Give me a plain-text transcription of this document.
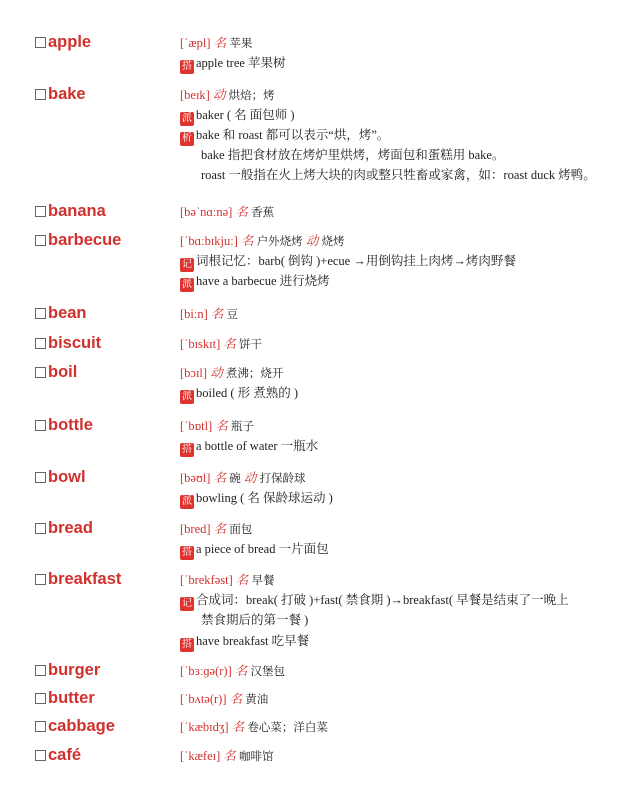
apple	[ˈæpl] 名 苹果
搭 apple tree 苹果树
bake	[beɪk] 动 烘焙；烤
派 baker ( 名 面包师 )
析 bake 和 roast 都可以表示“烘，烤”。
bake 指把食材放在烤炉里烘烤，烤面包和蛋糕用 bake。
roast 一般指在火上烤大块的肉或整只牲畜或家禽，如：roast duck 烤鸭。
banana	[bəˈnɑːnə] 名 香蕉
barbecue	[ˈbɑːbɪkjuː] 名 户外烧烤 动 烧烤
记 词根记忆：barb( 倒钩 )+ecue →用倒钩挂上肉烤→烤肉野餐
派 have a barbecue 进行烧烤
bean	[biːn] 名 豆
biscuit	[ˈbɪskɪt] 名 饼干
boil	[bɔɪl] 动 煮沸；烧开
派 boiled ( 形 煮熟的 )
bottle	[ˈbɒtl] 名 瓶子
搭 a bottle of water 一瓶水
bowl	[bəʊl] 名 碗 动 打保龄球
派 bowling ( 名 保龄球运动 )
bread	[bred] 名 面包
搭 a piece of bread 一片面包
breakfast	[ˈbrekfəst] 名 早餐
记 合成词：break( 打破 )+fast( 禁食期 )→breakfast( 早餐是结束了一晚上
禁食期后的第一餐 )
搭 have breakfast 吃早餐
burger	[ˈbɜːɡə(r)] 名 汉堡包
butter	[ˈbʌtə(r)] 名 黄油
cabbage	[ˈkæbɪdʒ] 名 卷心菜；洋白菜
café	[ˈkæfeɪ] 名 咖啡馆
